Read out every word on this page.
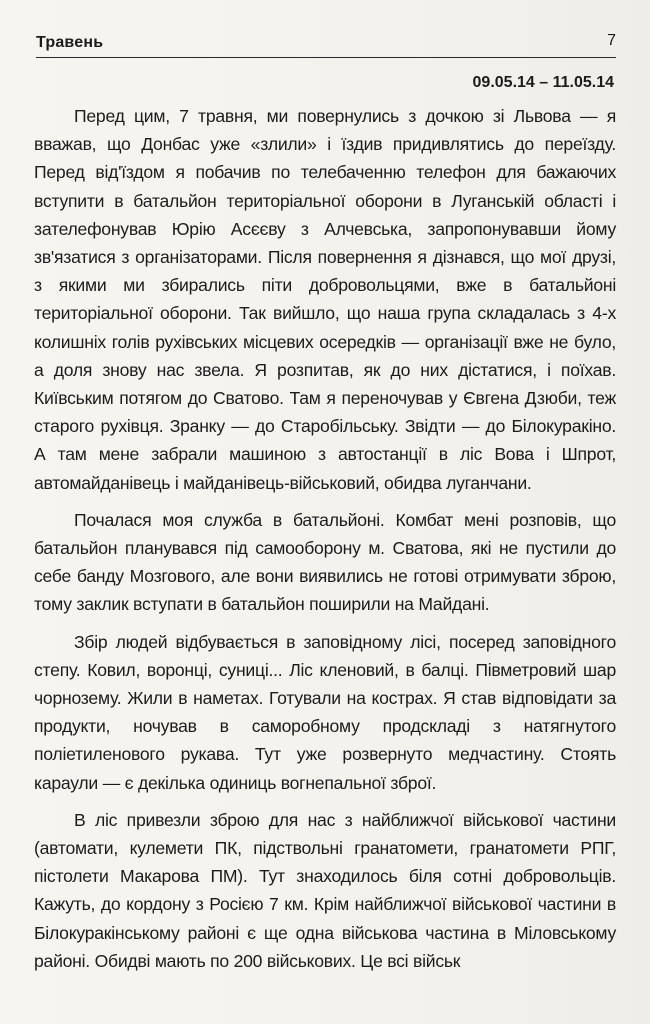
Травень	7
09.05.14 – 11.05.14

Перед цим, 7 травня, ми повернулись з дочкою зі Львова — я вважав, що Донбас уже «злили» і їздив придивлятись до переїзду. Перед від'їздом я побачив по телебаченню телефон для бажаючих вступити в батальйон територіальної оборони в Луганській області і зателефонував Юрію Асєєву з Алчевська, запропонувавши йому зв'язатися з організаторами. Після повернення я дізнався, що мої друзі, з якими ми збирались піти добровольцями, вже в батальйоні територіальної оборони. Так вийшло, що наша група складалась з 4-х колишніх голів рухівських місцевих осередків — організації вже не було, а доля знову нас звела. Я розпитав, як до них дістатися, і поїхав. Київським потягом до Сватово. Там я переночував у Євгена Дзюби, теж старого рухівця. Зранку — до Старобільську. Звідти — до Білокуракіно. А там мене забрали машиною з автостанції в ліс Вова і Шпрот, автомайданівець і майданівець-військовий, обидва луганчани.

Почалася моя служба в батальйоні. Комбат мені розповів, що батальйон планувався під самооборону м. Сватова, які не пустили до себе банду Мозгового, але вони виявились не готові отримувати зброю, тому заклик вступати в батальйон поширили на Майдані.

Збір людей відбувається в заповідному лісі, посеред заповідного степу. Ковил, воронці, суниці... Ліс кленовий, в балці. Півметровий шар чорнозему. Жили в наметах. Готували на кострах. Я став відповідати за продукти, ночував в саморобному продскладі з натягнутого поліетиленового рукава. Тут уже розвернуто медчастину. Стоять караули — є декілька одиниць вогнепальної зброї.

В ліс привезли зброю для нас з найближчої військової частини (автомати, кулемети ПК, підствольні гранатомети, гранатомети РПГ, пістолети Макарова ПМ). Тут знаходилось біля сотні добровольців. Кажуть, до кордону з Росією 7 км. Крім найближчої військової частини в Білокуракінському районі є ще одна військова частина в Міловському районі. Обидві мають по 200 військових. Це всі військ
